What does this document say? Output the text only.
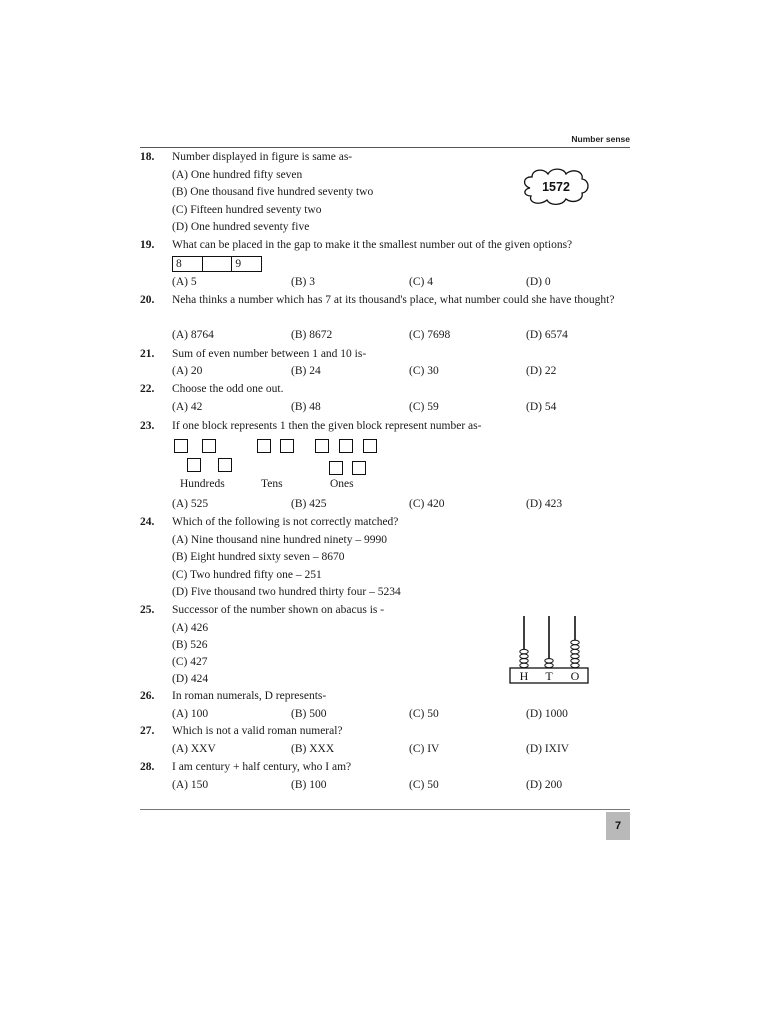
Number sense
18. Number displayed in figure is same as-
(A) One hundred fifty seven
(B) One thousand five hundred seventy two
(C) Fifteen hundred seventy two
(D) One hundred seventy five
1572
19. What can be placed in the gap to make it the smallest number out of the given options?
8	9
(A) 5	(B) 3	(C) 4	(D) 0
20. Neha thinks a number which has 7 at its thousand's place, what number could she have thought?
(A) 8764	(B) 8672	(C) 7698	(D) 6574
21. Sum of even number between 1 and 10 is-
(A) 20	(B) 24	(C) 30	(D) 22
22. Choose the odd one out.
(A) 42	(B) 48	(C) 59	(D) 54
23. If one block represents 1 then the given block represent number as-
Hundreds	Tens	Ones
(A) 525	(B) 425	(C) 420	(D) 423
24. Which of the following is not correctly matched?
(A) Nine thousand nine hundred ninety – 9990
(B) Eight hundred sixty seven – 8670
(C) Two hundred fifty one – 251
(D) Five thousand two hundred thirty four – 5234
25. Successor of the number shown on abacus is -
(A) 426
(B) 526
(C) 427
(D) 424	H T O
26. In roman numerals, D represents-
(A) 100	(B) 500	(C) 50	(D) 1000
27. Which is not a valid roman numeral?
(A) XXV	(B) XXX	(C) IV	(D) IXIV
28. I am century + half century, who I am?
(A) 150	(B) 100	(C) 50	(D) 200
7
